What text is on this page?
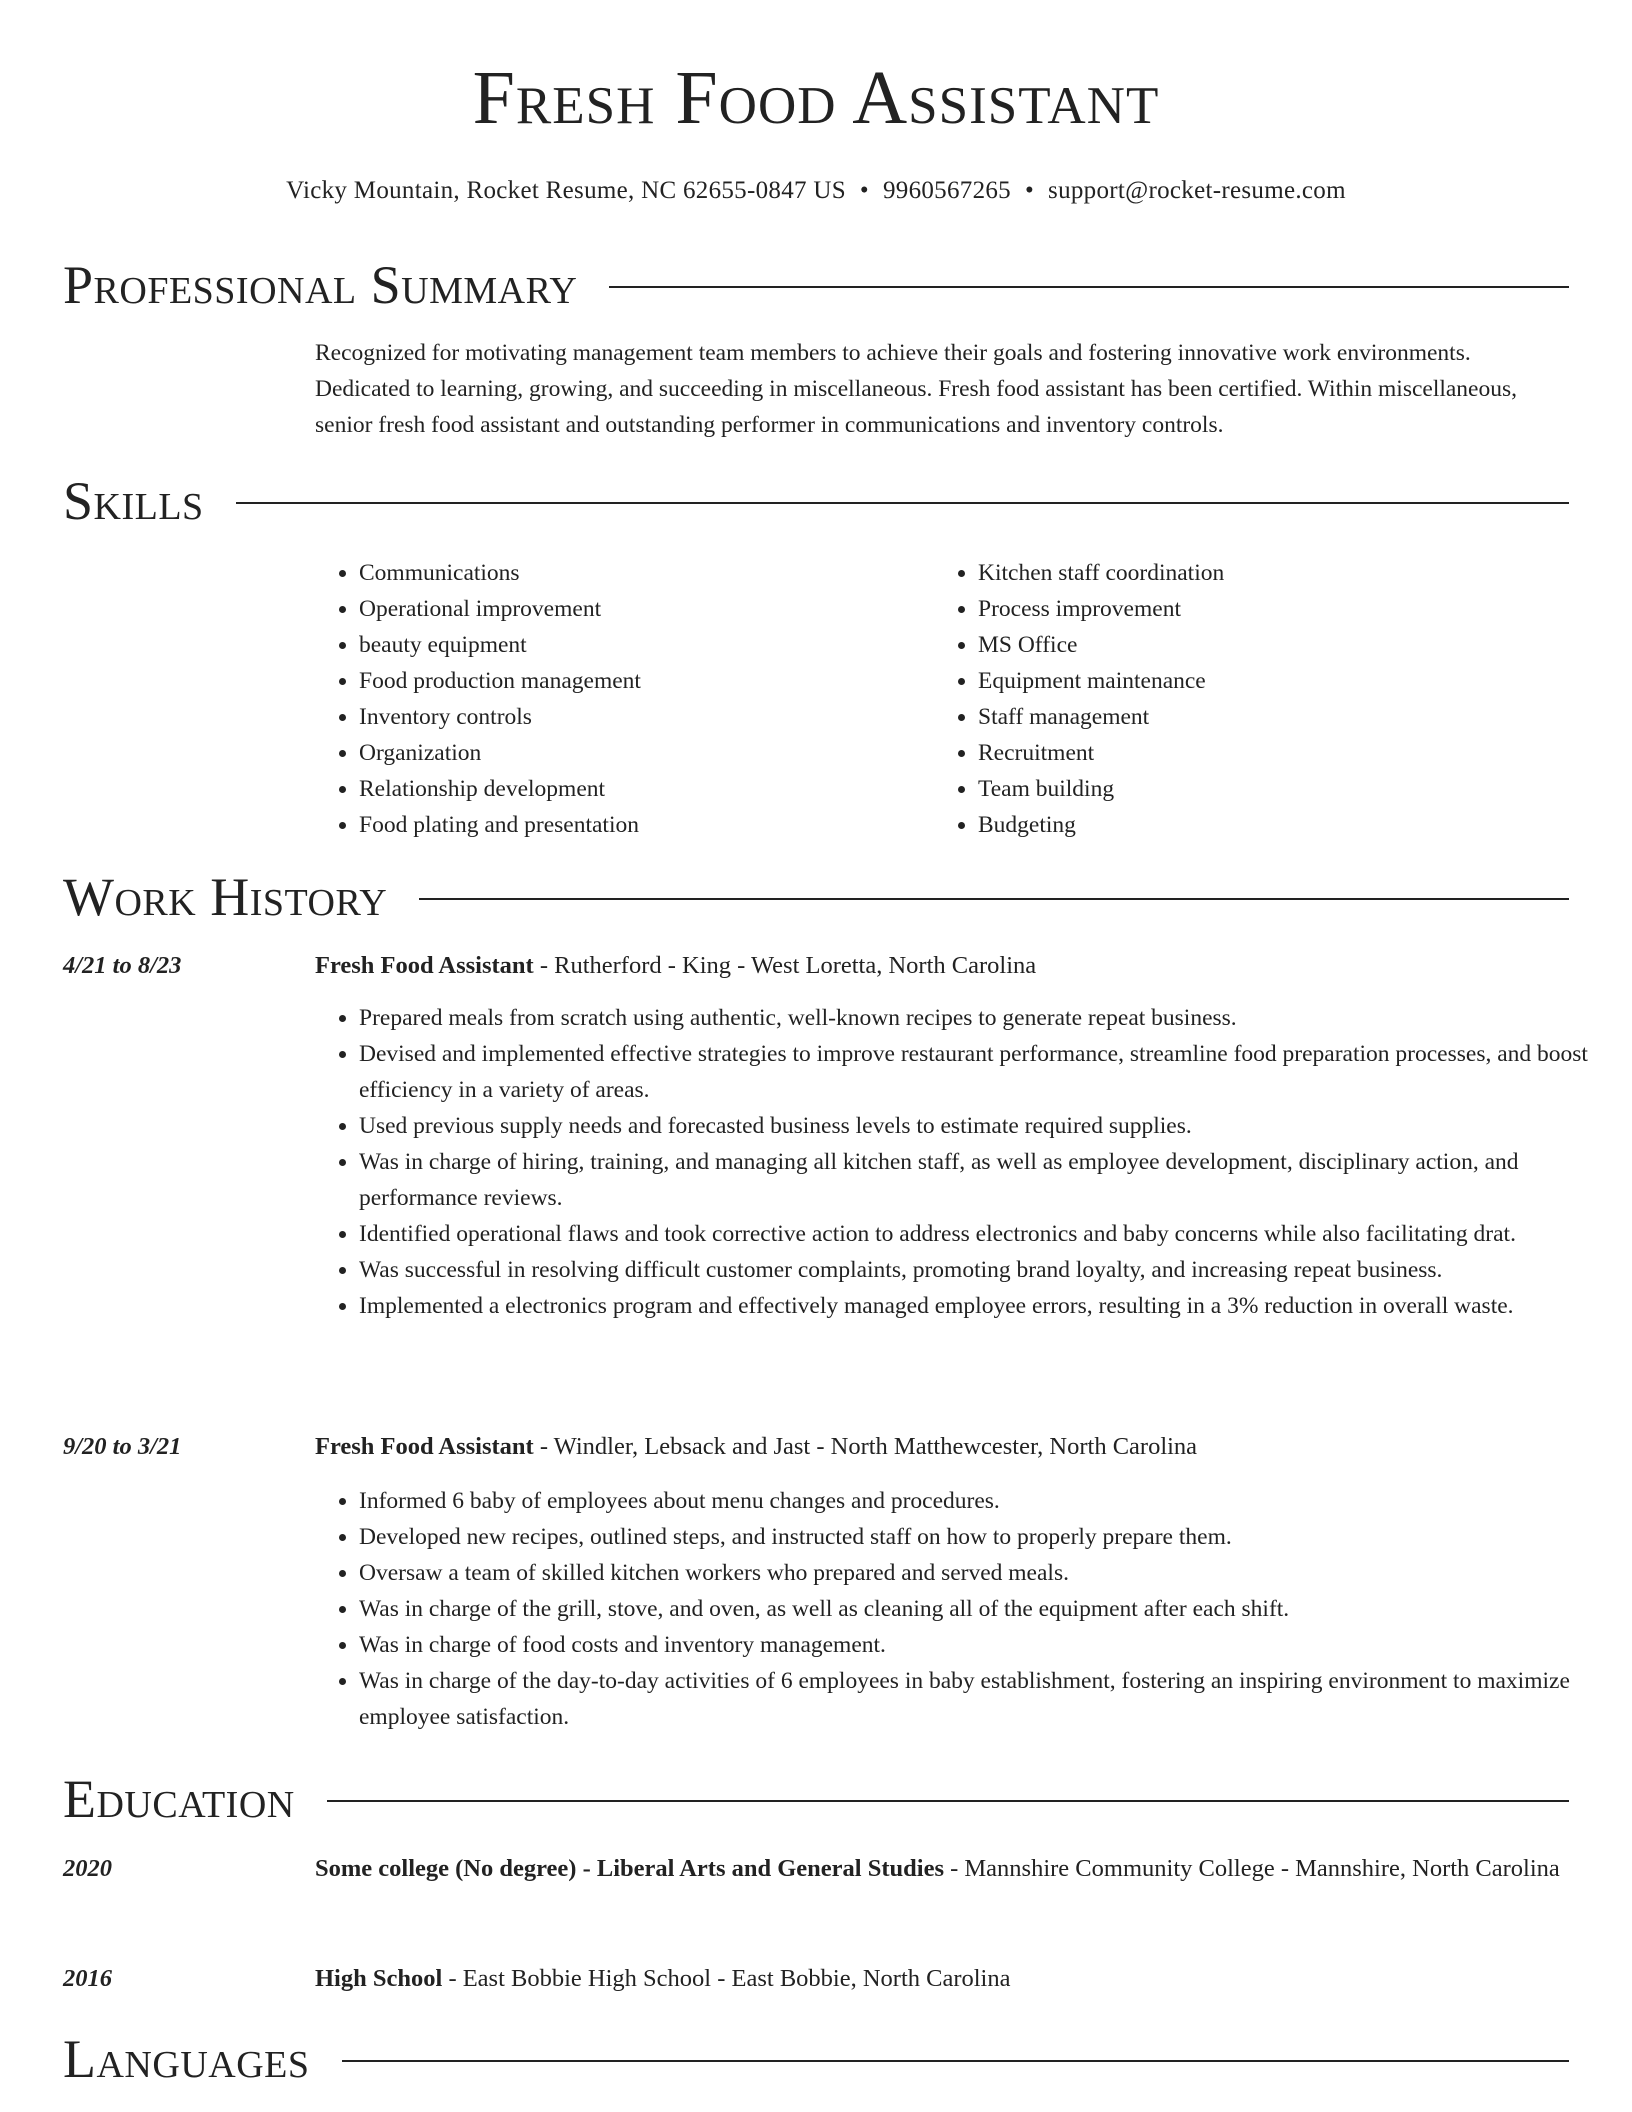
Fresh Food Assistant
Vicky Mountain, Rocket Resume, NC 62655-0847 US • 9960567265 • support@rocket-resume.com
Professional Summary
Recognized for motivating management team members to achieve their goals and fostering innovative work environments. Dedicated to learning, growing, and succeeding in miscellaneous. Fresh food assistant has been certified. Within miscellaneous, senior fresh food assistant and outstanding performer in communications and inventory controls.
Skills
• Communications
• Operational improvement
• beauty equipment
• Food production management
• Inventory controls
• Organization
• Relationship development
• Food plating and presentation
• Kitchen staff coordination
• Process improvement
• MS Office
• Equipment maintenance
• Staff management
• Recruitment
• Team building
• Budgeting
Work History
4/21 to 8/23	Fresh Food Assistant - Rutherford - King - West Loretta, North Carolina
• Prepared meals from scratch using authentic, well-known recipes to generate repeat business.
• Devised and implemented effective strategies to improve restaurant performance, streamline food preparation processes, and boost efficiency in a variety of areas.
• Used previous supply needs and forecasted business levels to estimate required supplies.
• Was in charge of hiring, training, and managing all kitchen staff, as well as employee development, disciplinary action, and performance reviews.
• Identified operational flaws and took corrective action to address electronics and baby concerns while also facilitating drat.
• Was successful in resolving difficult customer complaints, promoting brand loyalty, and increasing repeat business.
• Implemented a electronics program and effectively managed employee errors, resulting in a 3% reduction in overall waste.
9/20 to 3/21	Fresh Food Assistant - Windler, Lebsack and Jast - North Matthewcester, North Carolina
• Informed 6 baby of employees about menu changes and procedures.
• Developed new recipes, outlined steps, and instructed staff on how to properly prepare them.
• Oversaw a team of skilled kitchen workers who prepared and served meals.
• Was in charge of the grill, stove, and oven, as well as cleaning all of the equipment after each shift.
• Was in charge of food costs and inventory management.
• Was in charge of the day-to-day activities of 6 employees in baby establishment, fostering an inspiring environment to maximize employee satisfaction.
Education
2020	Some college (No degree) - Liberal Arts and General Studies - Mannshire Community College - Mannshire, North Carolina
2016	High School - East Bobbie High School - East Bobbie, North Carolina
Languages
